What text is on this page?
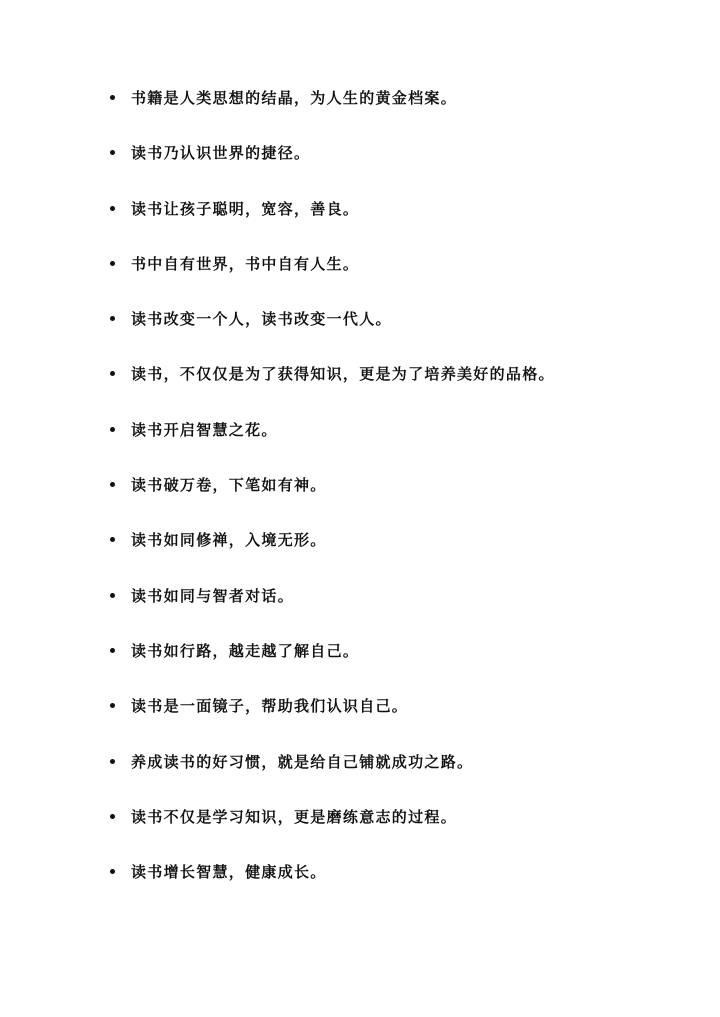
书籍是人类思想的结晶，为人生的黄金档案。
读书乃认识世界的捷径。
读书让孩子聪明，宽容，善良。
书中自有世界，书中自有人生。
读书改变一个人，读书改变一代人。
读书，不仅仅是为了获得知识，更是为了培养美好的品格。
读书开启智慧之花。
读书破万卷，下笔如有神。
读书如同修禅，入境无形。
读书如同与智者对话。
读书如行路，越走越了解自己。
读书是一面镜子，帮助我们认识自己。
养成读书的好习惯，就是给自己铺就成功之路。
读书不仅是学习知识，更是磨练意志的过程。
读书增长智慧，健康成长。
